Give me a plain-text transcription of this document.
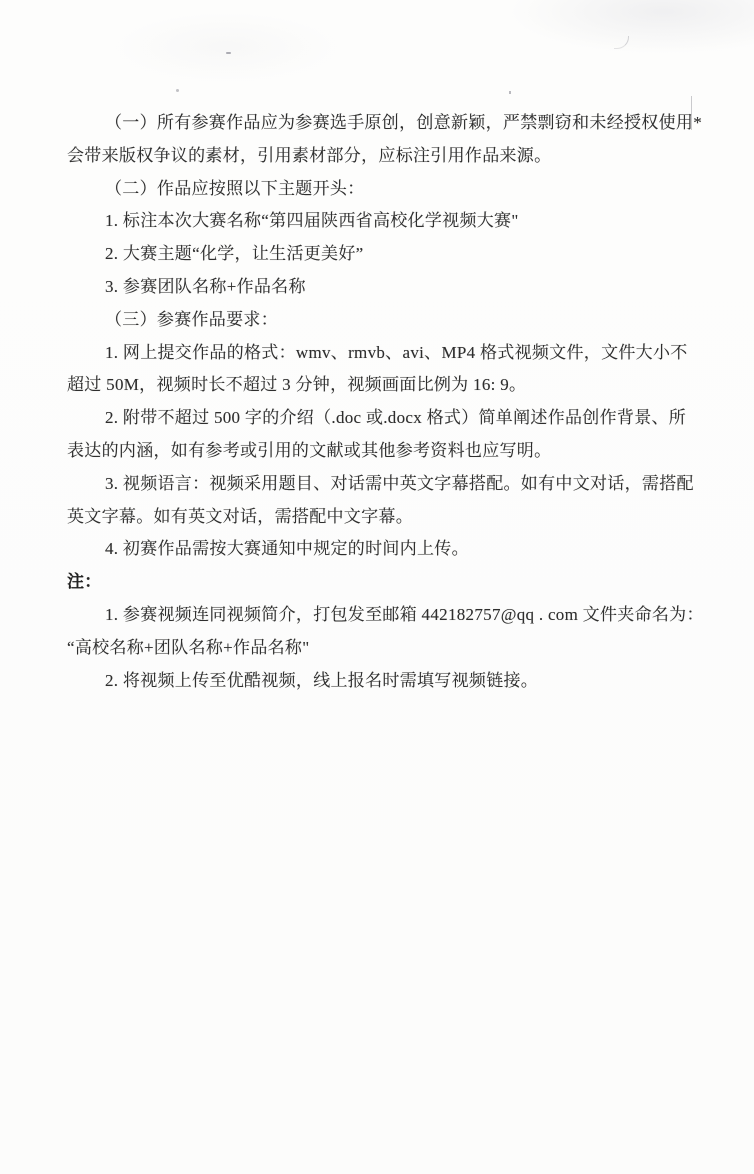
（一）所有参赛作品应为参赛选手原创，创意新颖，严禁剽窃和未经授权使用*
会带来版权争议的素材，引用素材部分，应标注引用作品来源。
（二）作品应按照以下主题开头：
1. 标注本次大赛名称“第四届陕西省高校化学视频大赛"
2. 大赛主题“化学，让生活更美好”
3. 参赛团队名称+作品名称
（三）参赛作品要求：
1. 网上提交作品的格式：wmv、rmvb、avi、MP4 格式视频文件，文件大小不
超过 50M，视频时长不超过 3 分钟，视频画面比例为 16: 9。
2. 附带不超过 500 字的介绍（.doc 或.docx 格式）简单阐述作品创作背景、所
表达的内涵，如有参考或引用的文献或其他参考资料也应写明。
3. 视频语言：视频采用题目、对话需中英文字幕搭配。如有中文对话，需搭配
英文字幕。如有英文对话，需搭配中文字幕。
4. 初赛作品需按大赛通知中规定的时间内上传。
注：
1. 参赛视频连同视频简介，打包发至邮箱 442182757@qq . com 文件夹命名为：
“高校名称+团队名称+作品名称"
2. 将视频上传至优酷视频，线上报名时需填写视频链接。
